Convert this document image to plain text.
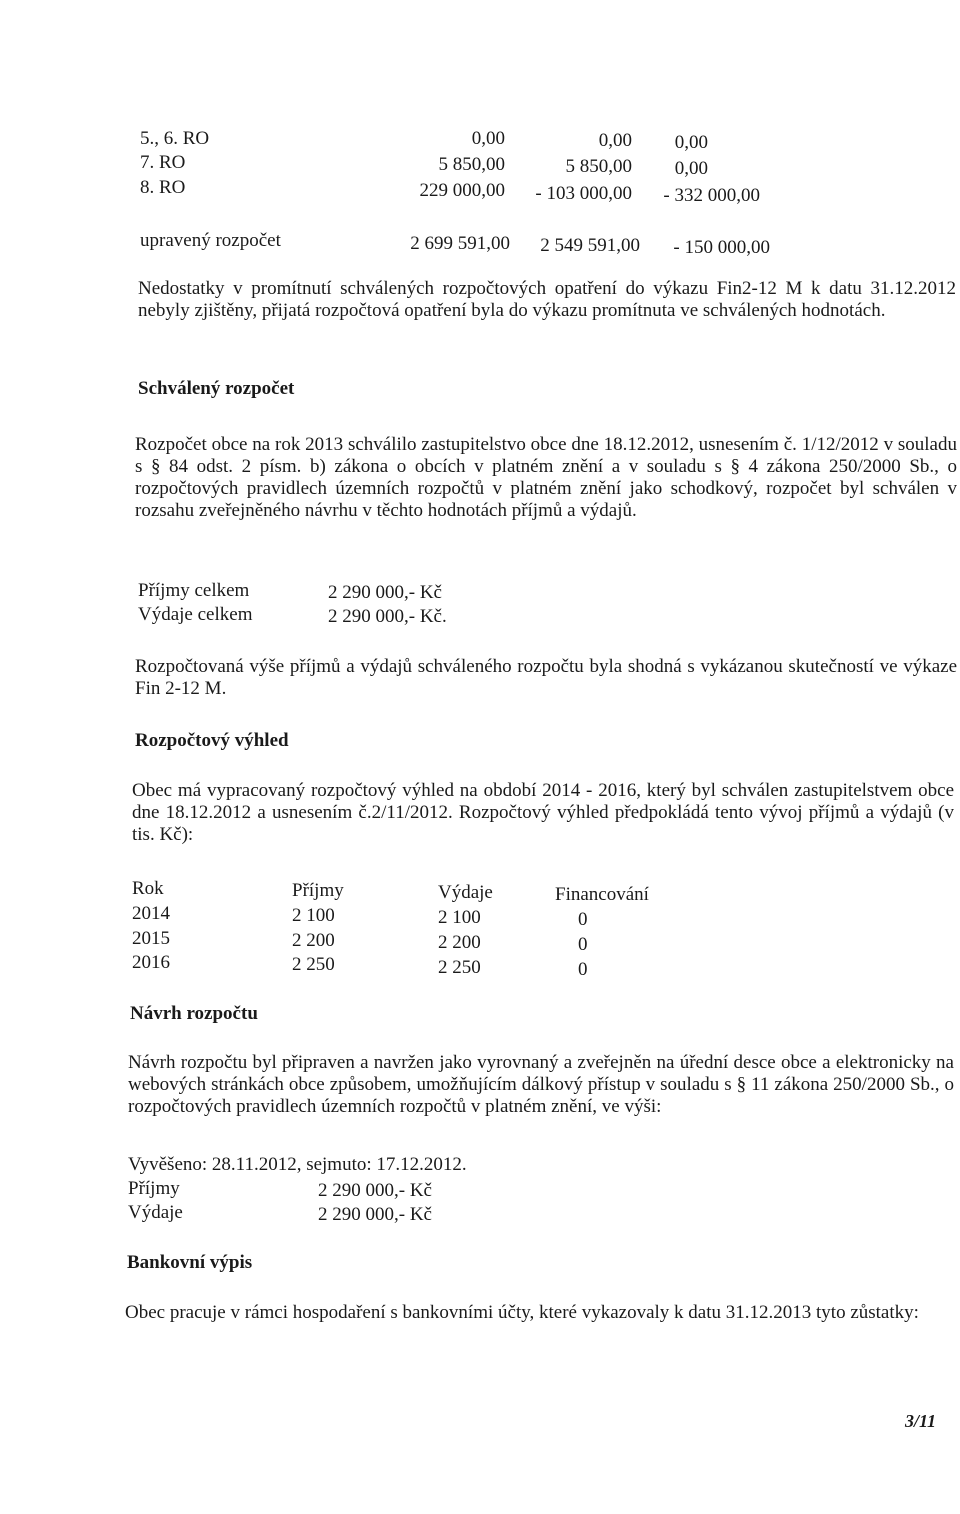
5., 6. RO	0,00	0,00	0,00
7. RO	5 850,00	5 850,00	0,00
8. RO	229 000,00	- 103 000,00	- 332 000,00
upravený rozpočet	2 699 591,00	2 549 591,00	- 150 000,00
Nedostatky v promítnutí schválených rozpočtových opatření do výkazu Fin2-12 M k datu 31.12.2012 nebyly zjištěny, přijatá rozpočtová opatření byla do výkazu promítnuta ve schválených hodnotách.
Schválený rozpočet
Rozpočet obce na rok 2013 schválilo zastupitelstvo obce dne 18.12.2012, usnesením č. 1/12/2012 v souladu s § 84 odst. 2 písm. b) zákona o obcích v platném znění a v souladu s § 4 zákona 250/2000 Sb., o rozpočtových pravidlech územních rozpočtů v platném znění jako schodkový, rozpočet byl schválen v rozsahu zveřejněného návrhu v těchto hodnotách příjmů a výdajů.
Příjmy celkem	2 290 000,- Kč
Výdaje celkem	2 290 000,- Kč.
Rozpočtovaná výše příjmů a výdajů schváleného rozpočtu byla shodná s vykázanou skutečností ve výkaze Fin 2-12 M.
Rozpočtový výhled
Obec má vypracovaný rozpočtový výhled na období 2014 - 2016, který byl schválen zastupitelstvem obce dne 18.12.2012 a usnesením č.2/11/2012. Rozpočtový výhled předpokládá tento vývoj příjmů a výdajů (v tis. Kč):
Rok	Příjmy	Výdaje	Financování
2014	2 100	2 100	0
2015	2 200	2 200	0
2016	2 250	2 250	0
Návrh rozpočtu
Návrh rozpočtu byl připraven a navržen jako vyrovnaný a zveřejněn na úřední desce obce a elektronicky na webových stránkách obce způsobem, umožňujícím dálkový přístup v souladu s § 11 zákona 250/2000 Sb., o rozpočtových pravidlech územních rozpočtů v platném znění, ve výši:
Vyvěšeno: 28.11.2012, sejmuto: 17.12.2012.
Příjmy	2 290 000,- Kč
Výdaje	2 290 000,- Kč
Bankovní výpis
Obec pracuje v rámci hospodaření s bankovními účty, které vykazovaly k datu 31.12.2013 tyto zůstatky:
3/11
